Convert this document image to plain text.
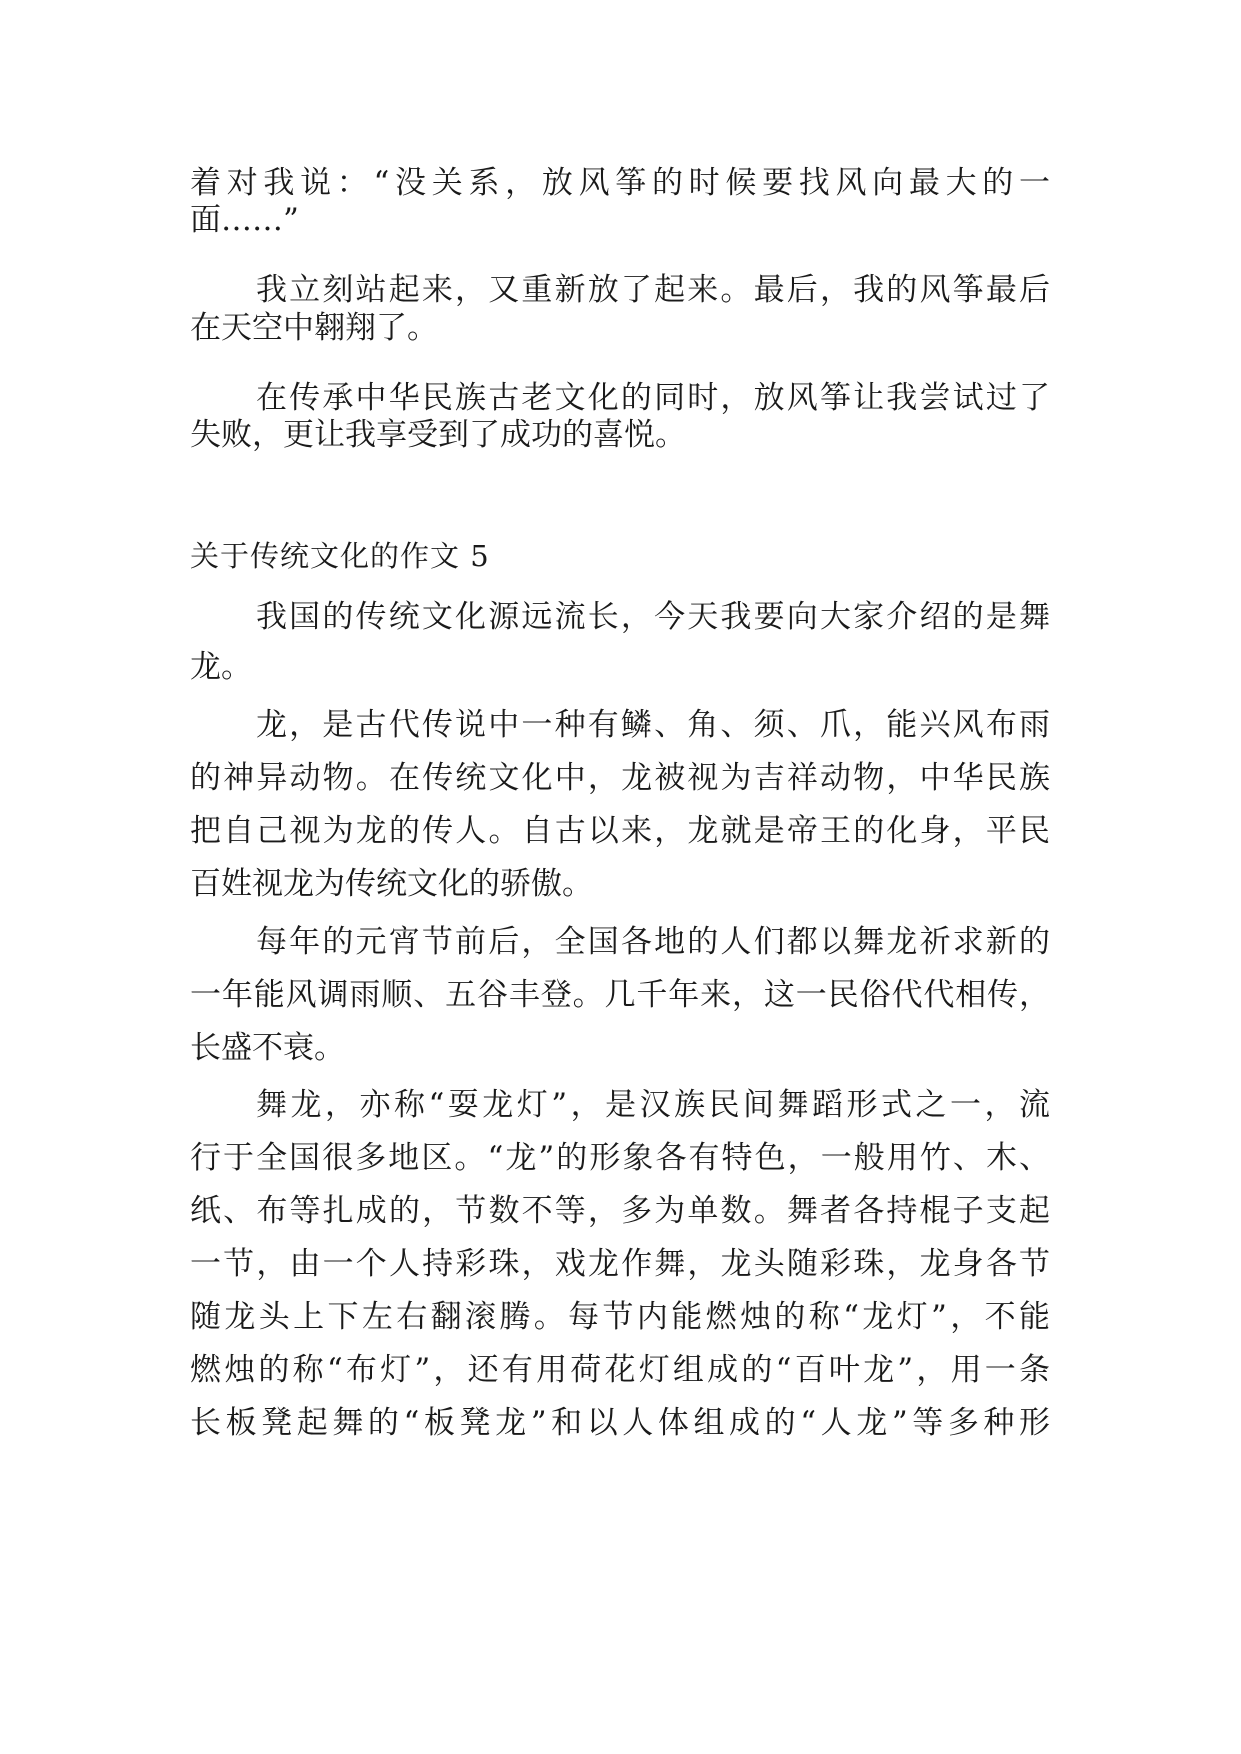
着对我说：“没关系，放风筝的时候要找风向最大的一
面……”
我立刻站起来，又重新放了起来。最后，我的风筝最后
在天空中翱翔了。
在传承中华民族古老文化的同时，放风筝让我尝试过了
失败，更让我享受到了成功的喜悦。
关于传统文化的作文 5
我国的传统文化源远流长，今天我要向大家介绍的是舞
龙。
龙，是古代传说中一种有鳞、角、须、爪，能兴风布雨
的神异动物。在传统文化中，龙被视为吉祥动物，中华民族
把自己视为龙的传人。自古以来，龙就是帝王的化身，平民
百姓视龙为传统文化的骄傲。
每年的元宵节前后，全国各地的人们都以舞龙祈求新的
一年能风调雨顺、五谷丰登。几千年来，这一民俗代代相传，
长盛不衰。
舞龙，亦称“耍龙灯”，是汉族民间舞蹈形式之一，流
行于全国很多地区。“龙”的形象各有特色，一般用竹、木、
纸、布等扎成的，节数不等，多为单数。舞者各持棍子支起
一节，由一个人持彩珠，戏龙作舞，龙头随彩珠，龙身各节
随龙头上下左右翻滚腾。每节内能燃烛的称“龙灯”，不能
燃烛的称“布灯”，还有用荷花灯组成的“百叶龙”，用一条
长板凳起舞的“板凳龙”和以人体组成的“人龙”等多种形
